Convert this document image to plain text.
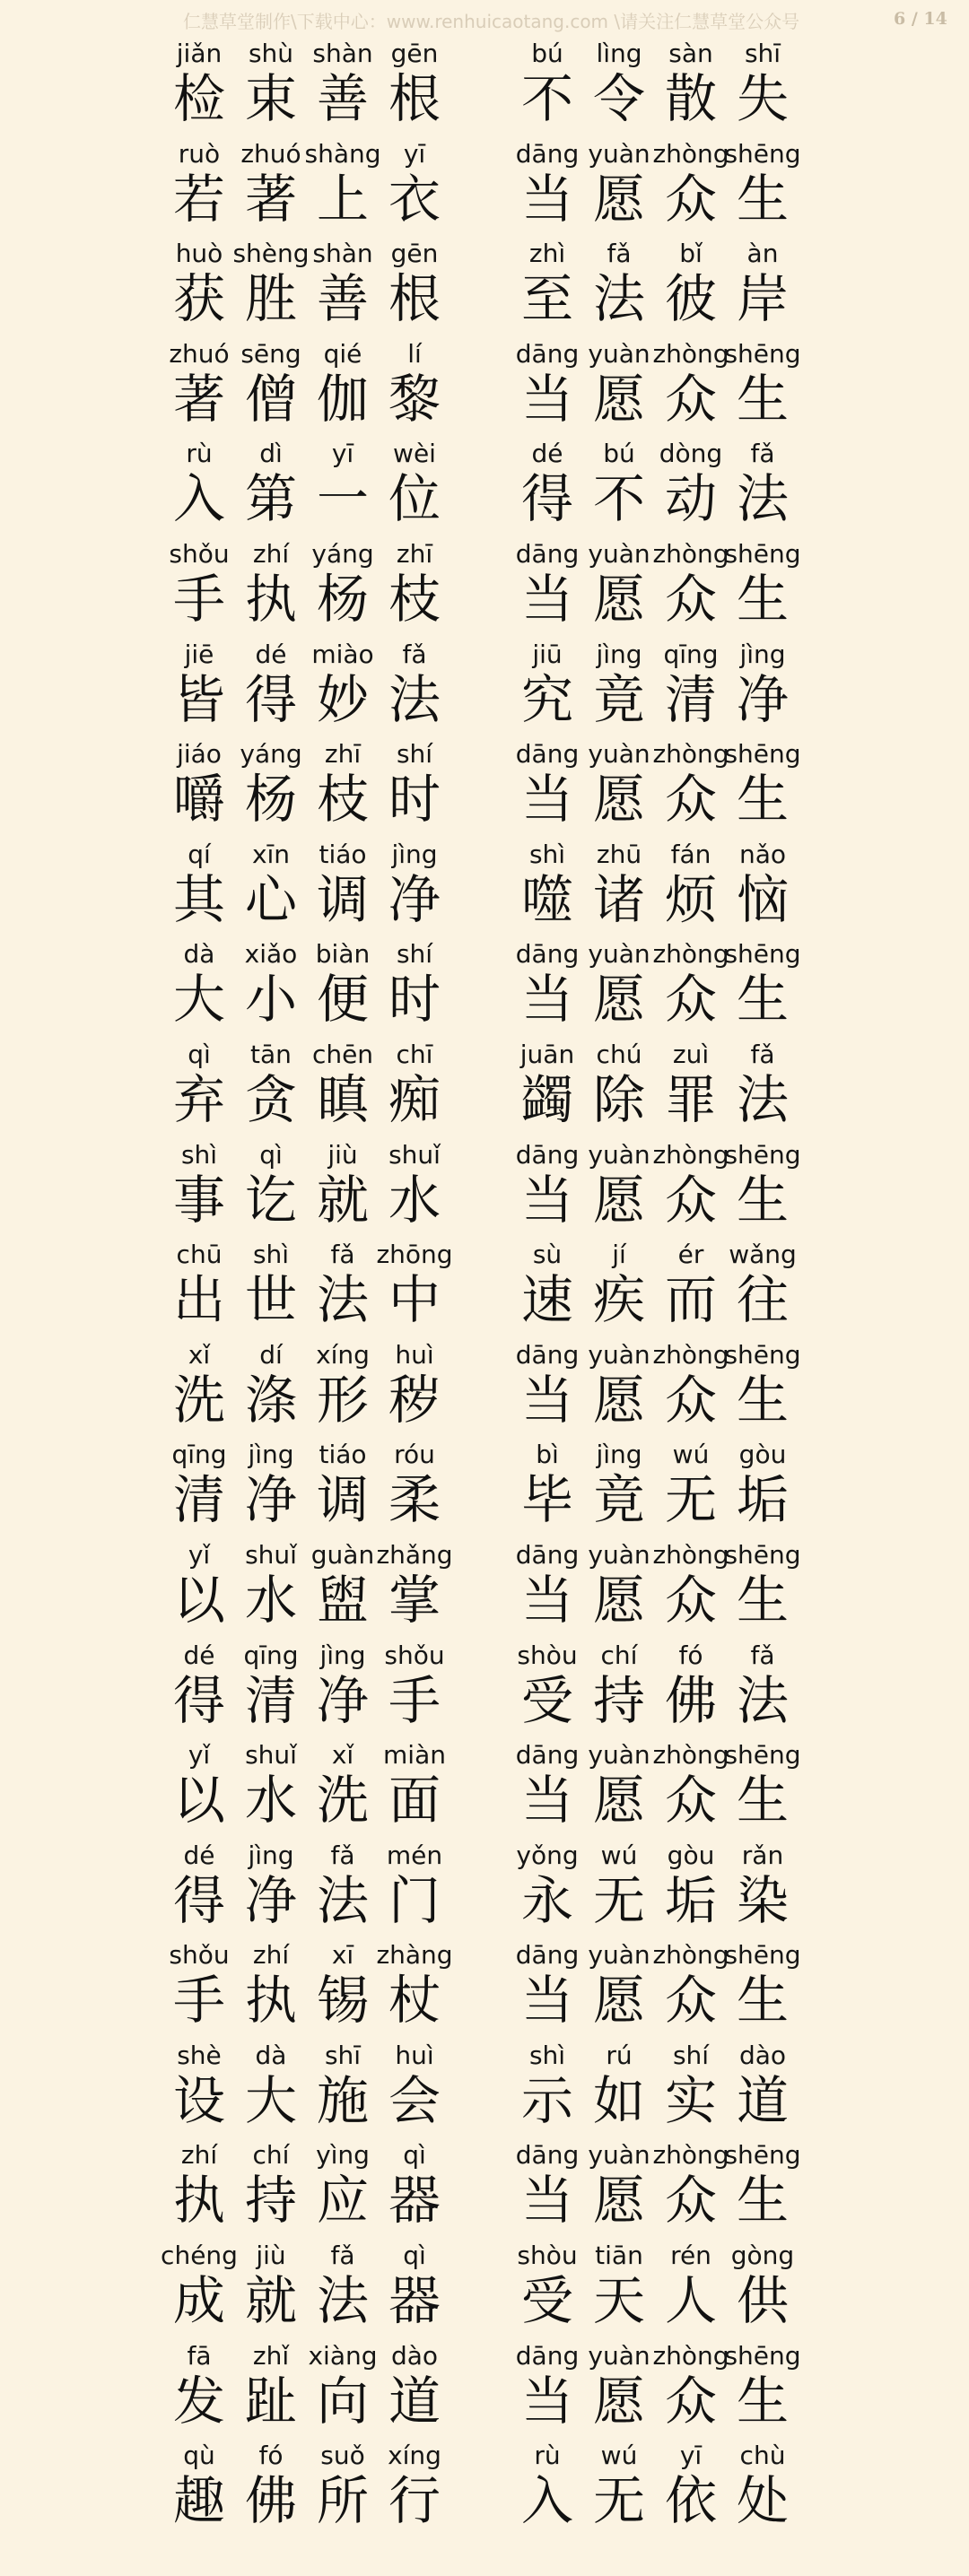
仁慧草堂制作\下载中心：www.renhuicaotang.com \请关注仁慧草堂公众号	6 / 14
jiǎn
检
shù
束
shàn
善
gēn
根
bú
不
lìng
令
sàn
散
shī
失
ruò
若
zhuó
著
shàng
上
yī
衣
dāng
当
yuàn
愿
zhòng
众
shēng
生
huò
获
shèng
胜
shàn
善
gēn
根
zhì
至
fǎ
法
bǐ
彼
àn
岸
zhuó
著
sēng
僧
qié
伽
lí
黎
dāng
当
yuàn
愿
zhòng
众
shēng
生
rù
入
dì
第
yī
一
wèi
位
dé
得
bú
不
dòng
动
fǎ
法
shǒu
手
zhí
执
yáng
杨
zhī
枝
dāng
当
yuàn
愿
zhòng
众
shēng
生
jiē
皆
dé
得
miào
妙
fǎ
法
jiū
究
jìng
竟
qīng
清
jìng
净
jiáo
嚼
yáng
杨
zhī
枝
shí
时
dāng
当
yuàn
愿
zhòng
众
shēng
生
qí
其
xīn
心
tiáo
调
jìng
净
shì
噬
zhū
诸
fán
烦
nǎo
恼
dà
大
xiǎo
小
biàn
便
shí
时
dāng
当
yuàn
愿
zhòng
众
shēng
生
qì
弃
tān
贪
chēn
瞋
chī
痴
juān
蠲
chú
除
zuì
罪
fǎ
法
shì
事
qì
讫
jiù
就
shuǐ
水
dāng
当
yuàn
愿
zhòng
众
shēng
生
chū
出
shì
世
fǎ
法
zhōng
中
sù
速
jí
疾
ér
而
wǎng
往
xǐ
洗
dí
涤
xíng
形
huì
秽
dāng
当
yuàn
愿
zhòng
众
shēng
生
qīng
清
jìng
净
tiáo
调
róu
柔
bì
毕
jìng
竟
wú
无
gòu
垢
yǐ
以
shuǐ
水
guàn
盥
zhǎng
掌
dāng
当
yuàn
愿
zhòng
众
shēng
生
dé
得
qīng
清
jìng
净
shǒu
手
shòu
受
chí
持
fó
佛
fǎ
法
yǐ
以
shuǐ
水
xǐ
洗
miàn
面
dāng
当
yuàn
愿
zhòng
众
shēng
生
dé
得
jìng
净
fǎ
法
mén
门
yǒng
永
wú
无
gòu
垢
rǎn
染
shǒu
手
zhí
执
xī
锡
zhàng
杖
dāng
当
yuàn
愿
zhòng
众
shēng
生
shè
设
dà
大
shī
施
huì
会
shì
示
rú
如
shí
实
dào
道
zhí
执
chí
持
yìng
应
qì
器
dāng
当
yuàn
愿
zhòng
众
shēng
生
chéng
成
jiù
就
fǎ
法
qì
器
shòu
受
tiān
天
rén
人
gòng
供
fā
发
zhǐ
趾
xiàng
向
dào
道
dāng
当
yuàn
愿
zhòng
众
shēng
生
qù
趣
fó
佛
suǒ
所
xíng
行
rù
入
wú
无
yī
依
chù
处
